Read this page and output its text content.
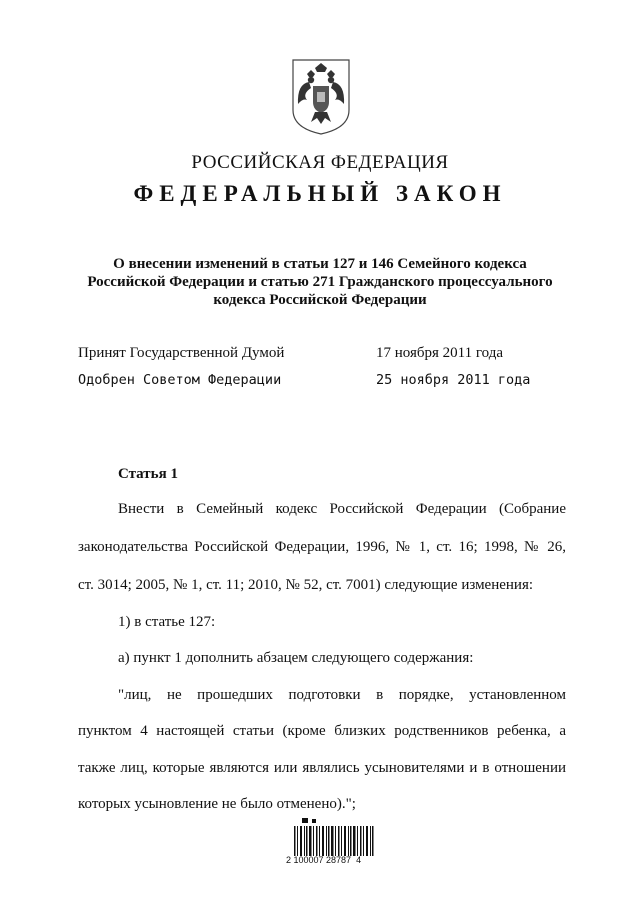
РОССИЙСКАЯ ФЕДЕРАЦИЯ
ФЕДЕРАЛЬНЫЙ ЗАКОН
О внесении изменений в статьи 127 и 146 Семейного кодекса
Российской Федерации и статью 271 Гражданского процессуального
кодекса Российской Федерации
Принят Государственной Думой	17 ноября 2011 года
Одобрен Советом Федерации	25 ноября 2011 года
Статья 1
Внести в Семейный кодекс Российской Федерации (Собрание
законодательства Российской Федерации, 1996, № 1, ст. 16; 1998, № 26,
ст. 3014; 2005, № 1, ст. 11; 2010, № 52, ст. 7001) следующие изменения:
1) в статье 127:
а) пункт 1 дополнить абзацем следующего содержания:
"лиц, не прошедших подготовки в порядке, установленном
пунктом 4 настоящей статьи (кроме близких родственников ребенка, а
также лиц, которые являются или являлись усыновителями и в отношении
которых усыновление не было отменено).";
2 100007 28787  4
